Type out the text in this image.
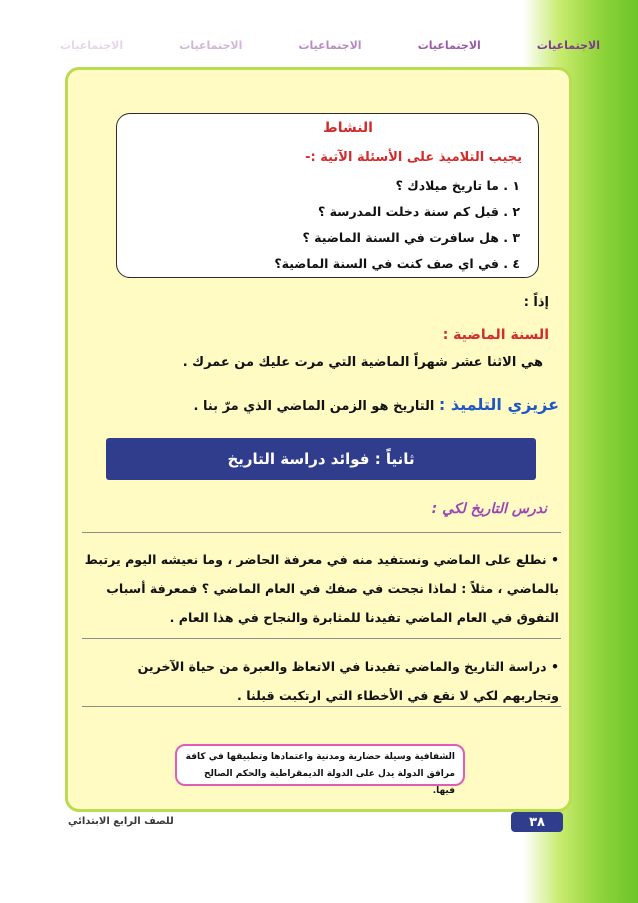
الاجتماعيات
الاجتماعيات
الاجتماعيات
الاجتماعيات
الاجتماعيات
النشاط
يجيب التلاميذ على الأسئلة الآتية :-
١ . ما تاريخ ميلادك ؟
٢ . قبل كم سنة دخلت المدرسة ؟
٣ . هل سافرت في السنة الماضية ؟
٤ . في اي صف كنت في السنة الماضية؟
إذاً :
السنة الماضية :
هي الاثنا عشر شهراً الماضية التي مرت عليك من عمرك .
عزيزي التلميذ : التاريخ هو الزمن الماضي الذي مرّ بنا .
ثانياً : فوائد دراسة التاريخ
ندرس التاريخ لكي :
• نطلع على الماضي ونستفيد منه في معرفة الحاضر ، وما نعيشه اليوم يرتبط بالماضي ، مثلاً : لماذا نجحت في صفك في العام الماضي ؟ فمعرفة أسباب التفوق في العام الماضي تفيدنا للمثابرة والنجاح في هذا العام .
• دراسة التاريخ والماضي تفيدنا في الاتعاظ والعبرة من حياة الآخرين وتجاربهم لكي لا نقع في الأخطاء التي ارتكبت قبلنا .
الشفافية وسيلة حضارية ومدنية واعتمادها وتطبيقها في كافة مرافق الدولة يدل على الدولة الديمقراطية والحكم الصالح فيها.
للصف الرابع الابتدائي	٣٨
